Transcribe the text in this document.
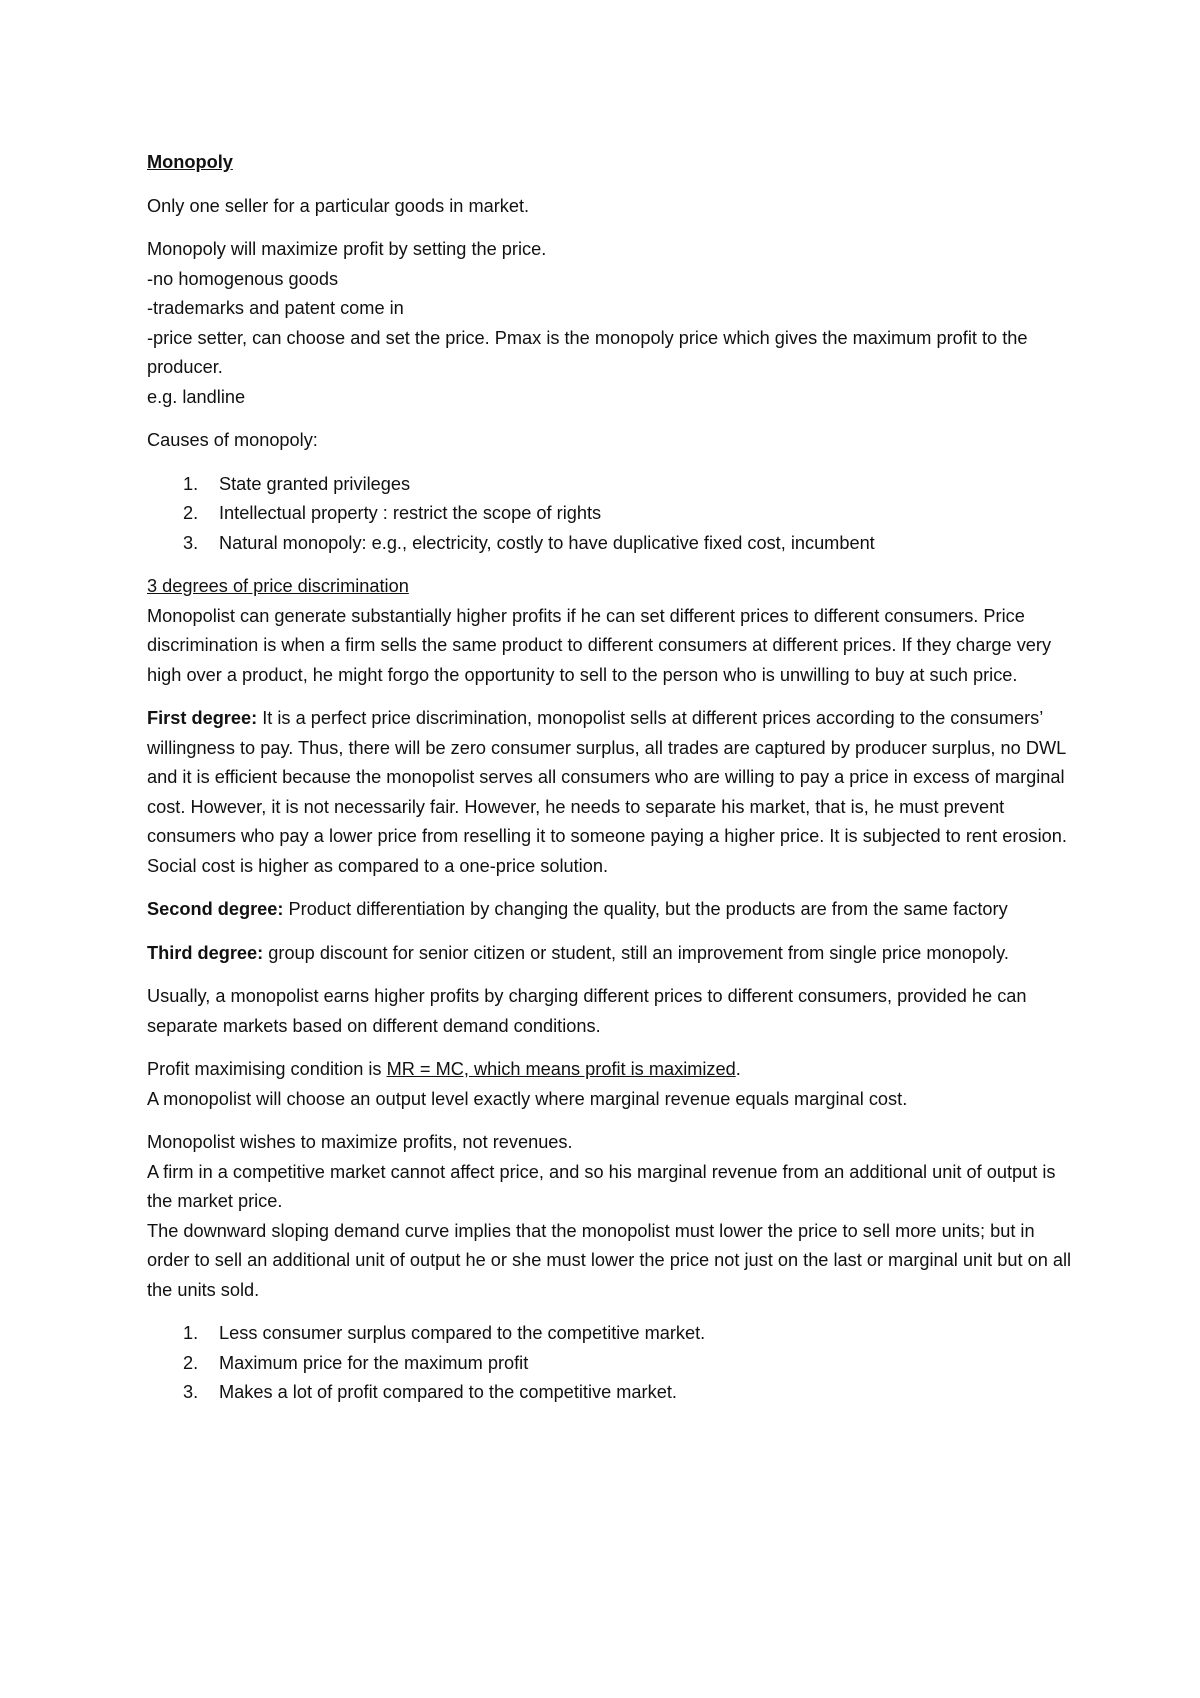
Monopoly

Only one seller for a particular goods in market.

Monopoly will maximize profit by setting the price.

-no homogenous goods

-trademarks and patent come in

-price setter, can choose and set the price. Pmax is the monopoly price which gives the maximum profit to the producer.

e.g. landline

Causes of monopoly:

1. State granted privileges
2. Intellectual property : restrict the scope of rights
3. Natural monopoly: e.g., electricity, costly to have duplicative fixed cost, incumbent

3 degrees of price discrimination

Monopolist can generate substantially higher profits if he can set different prices to different consumers. Price discrimination is when a firm sells the same product to different consumers at different prices. If they charge very high over a product, he might forgo the opportunity to sell to the person who is unwilling to buy at such price.

First degree: It is a perfect price discrimination, monopolist sells at different prices according to the consumers’ willingness to pay. Thus, there will be zero consumer surplus, all trades are captured by producer surplus, no DWL and it is efficient because the monopolist serves all consumers who are willing to pay a price in excess of marginal cost. However, it is not necessarily fair. However, he needs to separate his market, that is, he must prevent consumers who pay a lower price from reselling it to someone paying a higher price. It is subjected to rent erosion. Social cost is higher as compared to a one-price solution.

Second degree: Product differentiation by changing the quality, but the products are from the same factory

Third degree: group discount for senior citizen or student, still an improvement from single price monopoly.

Usually, a monopolist earns higher profits by charging different prices to different consumers, provided he can separate markets based on different demand conditions.

Profit maximising condition is MR = MC, which means profit is maximized.

A monopolist will choose an output level exactly where marginal revenue equals marginal cost.

Monopolist wishes to maximize profits, not revenues.

A firm in a competitive market cannot affect price, and so his marginal revenue from an additional unit of output is the market price.

The downward sloping demand curve implies that the monopolist must lower the price to sell more units; but in order to sell an additional unit of output he or she must lower the price not just on the last or marginal unit but on all the units sold.

1. Less consumer surplus compared to the competitive market.
2. Maximum price for the maximum profit
3. Makes a lot of profit compared to the competitive market.
